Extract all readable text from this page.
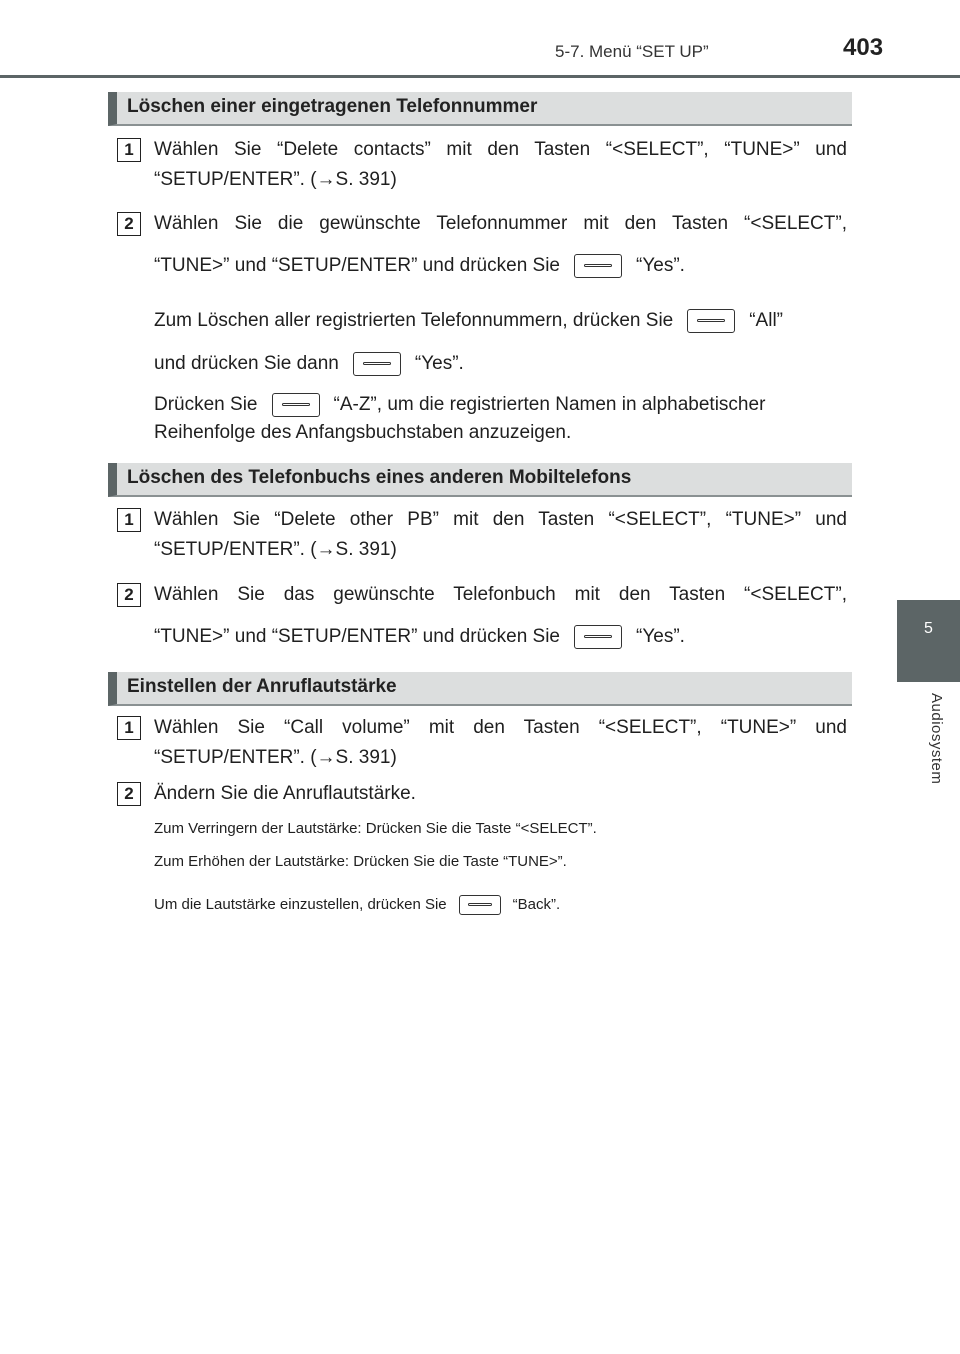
5-7. Menü “SET UP”	403
5
Audiosystem
Löschen einer eingetragenen Telefonnummer
1	Wählen Sie “Delete contacts” mit den Tasten “<SELECT”, “TUNE>” und
“SETUP/ENTER”. (→S. 391)
2	Wählen Sie die gewünschte Telefonnummer mit den Tasten “<SELECT”,
“TUNE>” und “SETUP/ENTER” und drücken Sie	“Yes”.
Zum Löschen aller registrierten Telefonnummern, drücken Sie	“All”
und drücken Sie dann	“Yes”.
Drücken Sie	“A-Z”, um die registrierten Namen in alphabetischer
Reihenfolge des Anfangsbuchstaben anzuzeigen.
Löschen des Telefonbuchs eines anderen Mobiltelefons
1	Wählen Sie “Delete other PB” mit den Tasten “<SELECT”, “TUNE>” und
“SETUP/ENTER”. (→S. 391)
2	Wählen Sie das gewünschte Telefonbuch mit den Tasten “<SELECT”,
“TUNE>” und “SETUP/ENTER” und drücken Sie	“Yes”.
Einstellen der Anruflautstärke
1	Wählen Sie “Call volume” mit den Tasten “<SELECT”, “TUNE>” und
“SETUP/ENTER”. (→S. 391)
2	Ändern Sie die Anruflautstärke.
Zum Verringern der Lautstärke: Drücken Sie die Taste “<SELECT”.
Zum Erhöhen der Lautstärke: Drücken Sie die Taste “TUNE>”.
Um die Lautstärke einzustellen, drücken Sie	“Back”.
